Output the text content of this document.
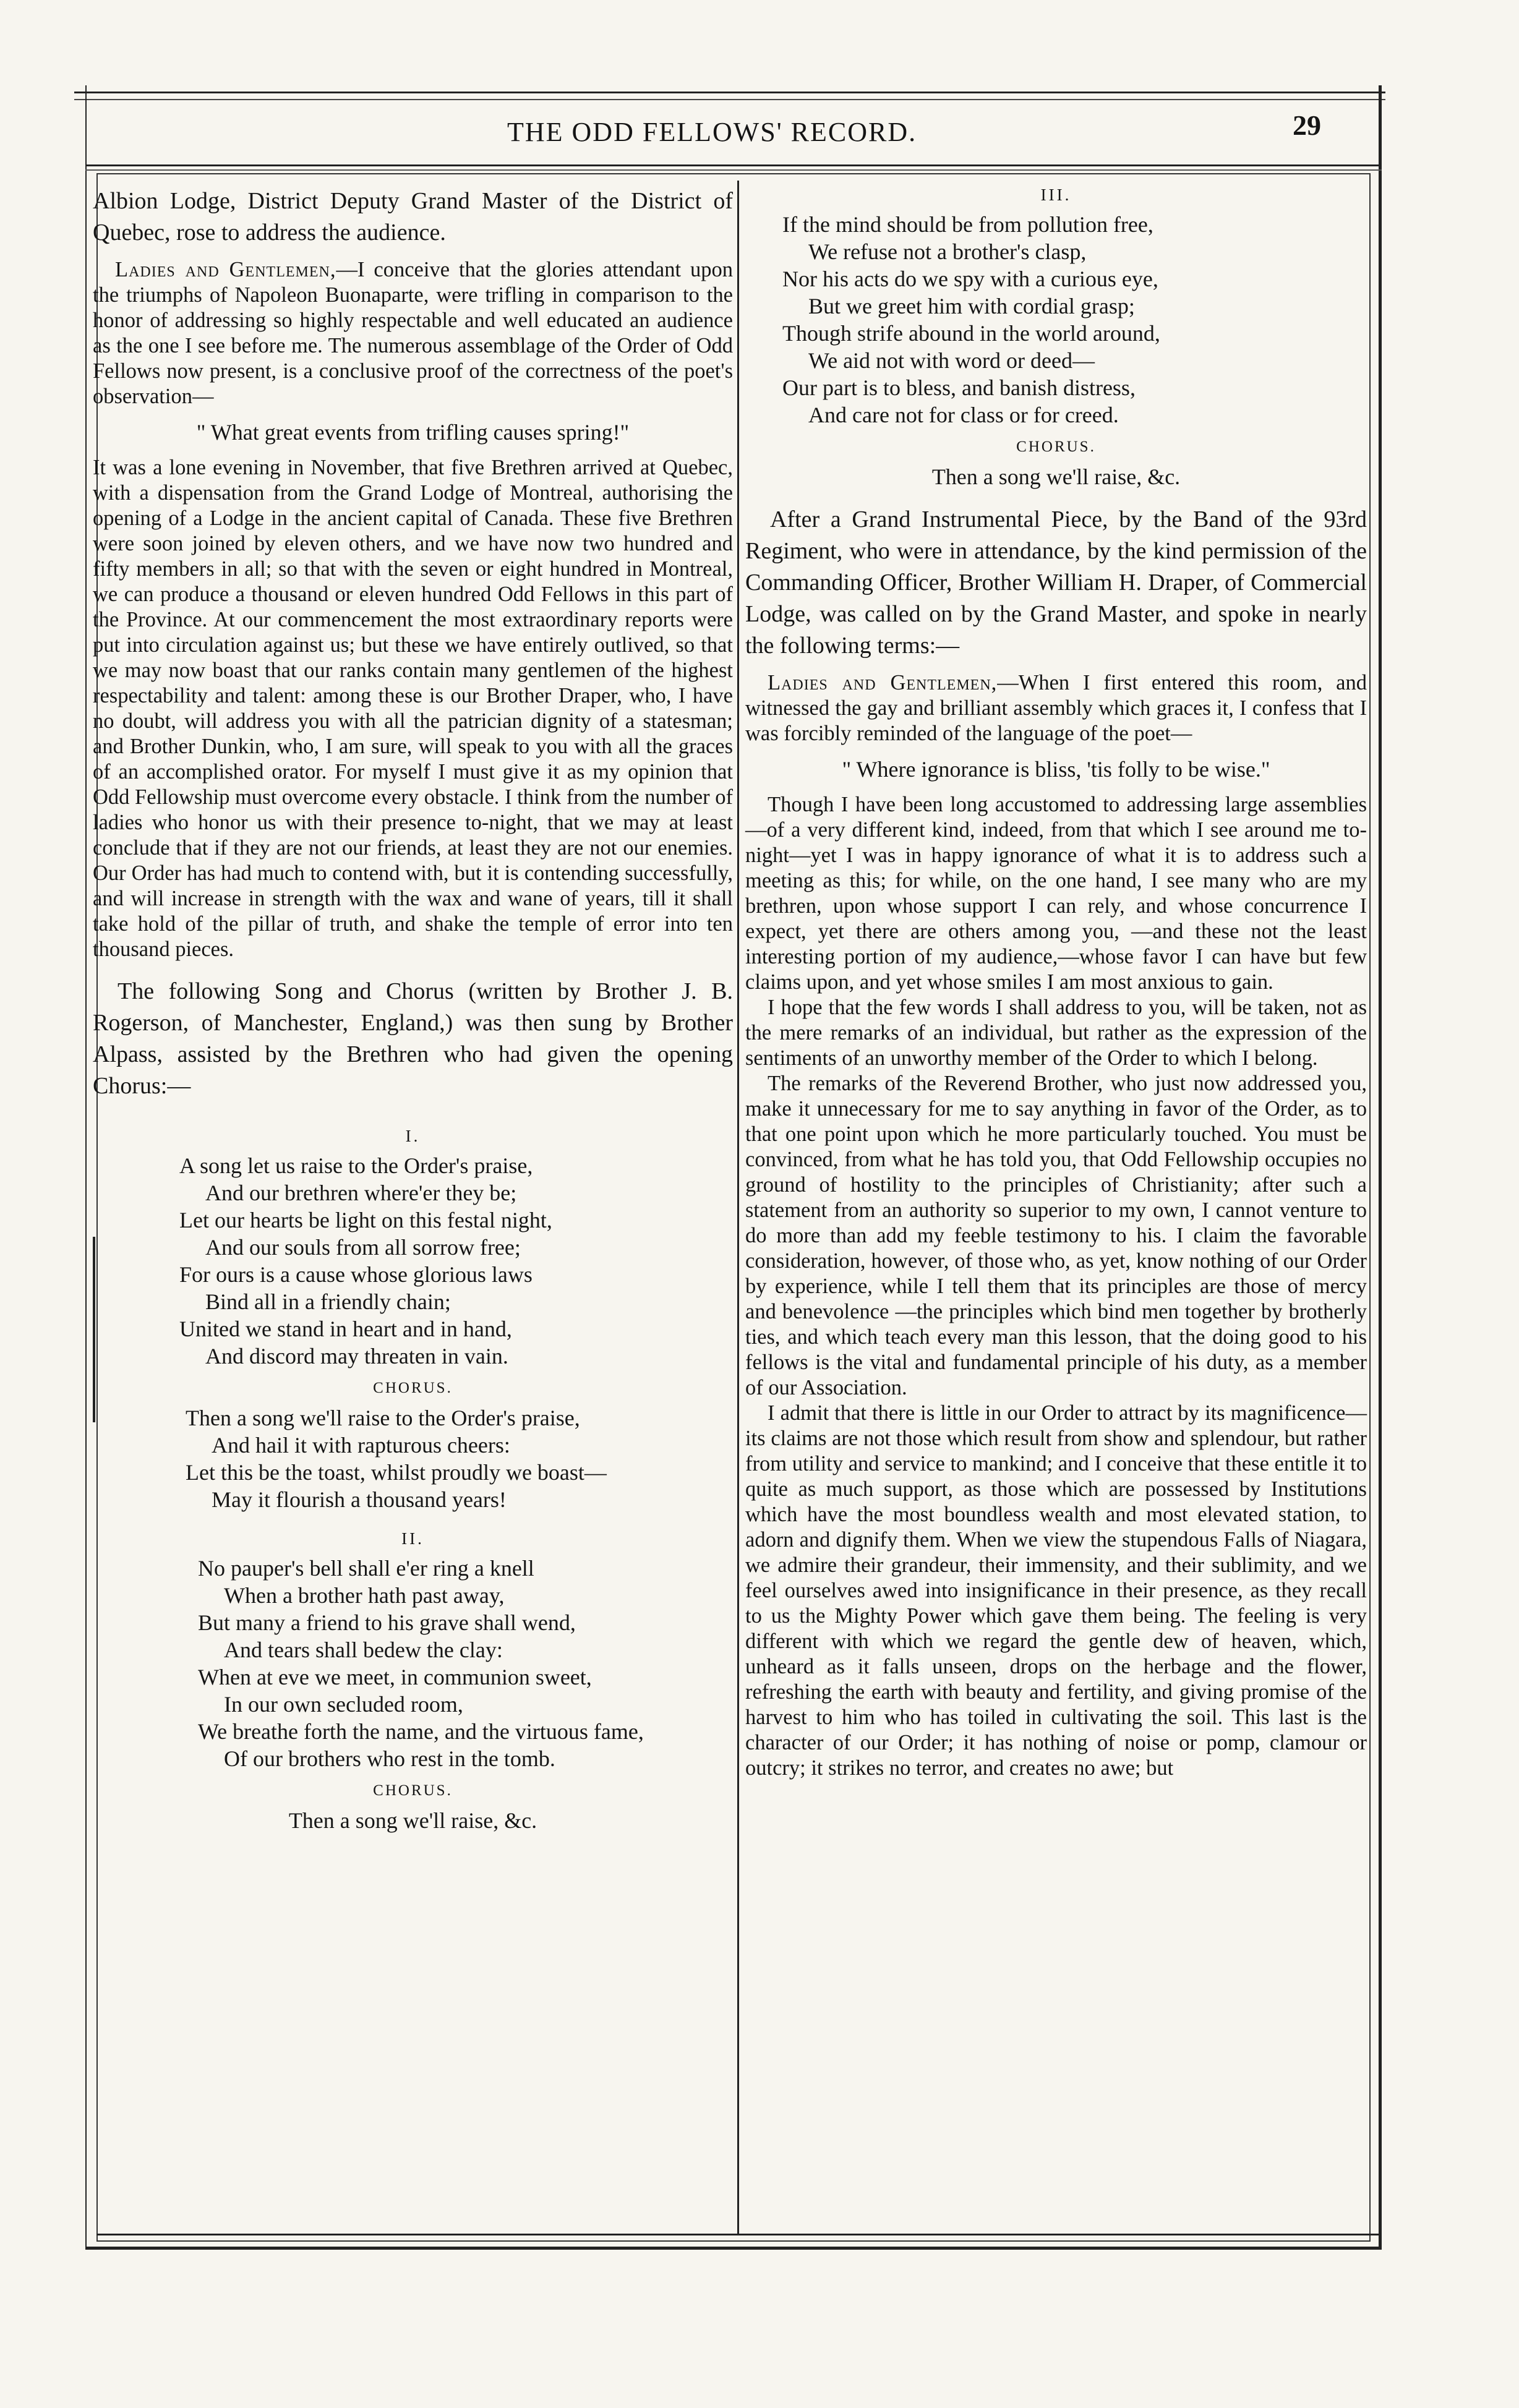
THE ODD FELLOWS' RECORD.	29

Albion Lodge, District Deputy Grand Master of the District of Quebec, rose to address the audience.

Ladies and Gentlemen,—I conceive that the glories attendant upon the triumphs of Napoleon Buonaparte, were trifling in comparison to the honor of addressing so highly respectable and well educated an audience as the one I see before me. The numerous assemblage of the Order of Odd Fellows now present, is a conclusive proof of the correctness of the poet's observation—

" What great events from trifling causes spring!"

It was a lone evening in November, that five Brethren arrived at Quebec, with a dispensation from the Grand Lodge of Montreal, authorising the opening of a Lodge in the ancient capital of Canada. These five Brethren were soon joined by eleven others, and we have now two hundred and fifty members in all; so that with the seven or eight hundred in Montreal, we can produce a thousand or eleven hundred Odd Fellows in this part of the Province. At our commencement the most extraordinary reports were put into circulation against us; but these we have entirely outlived, so that we may now boast that our ranks contain many gentlemen of the highest respectability and talent: among these is our Brother Draper, who, I have no doubt, will address you with all the patrician dignity of a statesman; and Brother Dunkin, who, I am sure, will speak to you with all the graces of an accomplished orator. For myself I must give it as my opinion that Odd Fellowship must overcome every obstacle. I think from the number of ladies who honor us with their presence to-night, that we may at least conclude that if they are not our friends, at least they are not our enemies. Our Order has had much to contend with, but it is contending successfully, and will increase in strength with the wax and wane of years, till it shall take hold of the pillar of truth, and shake the temple of error into ten thousand pieces.

The following Song and Chorus (written by Brother J. B. Rogerson, of Manchester, England,) was then sung by Brother Alpass, assisted by the Brethren who had given the opening Chorus:—

I.
A song let us raise to the Order's praise,
And our brethren where'er they be;
Let our hearts be light on this festal night,
And our souls from all sorrow free;
For ours is a cause whose glorious laws
Bind all in a friendly chain;
United we stand in heart and in hand,
And discord may threaten in vain.
CHORUS.
Then a song we'll raise to the Order's praise,
And hail it with rapturous cheers:
Let this be the toast, whilst proudly we boast—
May it flourish a thousand years!
II.
No pauper's bell shall e'er ring a knell
When a brother hath past away,
But many a friend to his grave shall wend,
And tears shall bedew the clay:
When at eve we meet, in communion sweet,
In our own secluded room,
We breathe forth the name, and the virtuous fame,
Of our brothers who rest in the tomb.
CHORUS.
Then a song we'll raise, &c.
III.
If the mind should be from pollution free,
We refuse not a brother's clasp,
Nor his acts do we spy with a curious eye,
But we greet him with cordial grasp;
Though strife abound in the world around,
We aid not with word or deed—
Our part is to bless, and banish distress,
And care not for class or for creed.
CHORUS.
Then a song we'll raise, &c.

After a Grand Instrumental Piece, by the Band of the 93rd Regiment, who were in attendance, by the kind permission of the Commanding Officer, Brother William H. Draper, of Commercial Lodge, was called on by the Grand Master, and spoke in nearly the following terms:—

Ladies and Gentlemen,—When I first entered this room, and witnessed the gay and brilliant assembly which graces it, I confess that I was forcibly reminded of the language of the poet—

" Where ignorance is bliss, 'tis folly to be wise."

Though I have been long accustomed to addressing large assemblies—of a very different kind, indeed, from that which I see around me to-night—yet I was in happy ignorance of what it is to address such a meeting as this; for while, on the one hand, I see many who are my brethren, upon whose support I can rely, and whose concurrence I expect, yet there are others among you, —and these not the least interesting portion of my audience,—whose favor I can have but few claims upon, and yet whose smiles I am most anxious to gain.

I hope that the few words I shall address to you, will be taken, not as the mere remarks of an individual, but rather as the expression of the sentiments of an unworthy member of the Order to which I belong.

The remarks of the Reverend Brother, who just now addressed you, make it unnecessary for me to say anything in favor of the Order, as to that one point upon which he more particularly touched. You must be convinced, from what he has told you, that Odd Fellowship occupies no ground of hostility to the principles of Christianity; after such a statement from an authority so superior to my own, I cannot venture to do more than add my feeble testimony to his. I claim the favorable consideration, however, of those who, as yet, know nothing of our Order by experience, while I tell them that its principles are those of mercy and benevolence —the principles which bind men together by brotherly ties, and which teach every man this lesson, that the doing good to his fellows is the vital and fundamental principle of his duty, as a member of our Association.

I admit that there is little in our Order to attract by its magnificence—its claims are not those which result from show and splendour, but rather from utility and service to mankind; and I conceive that these entitle it to quite as much support, as those which are possessed by Institutions which have the most boundless wealth and most elevated station, to adorn and dignify them. When we view the stupendous Falls of Niagara, we admire their grandeur, their immensity, and their sublimity, and we feel ourselves awed into insignificance in their presence, as they recall to us the Mighty Power which gave them being. The feeling is very different with which we regard the gentle dew of heaven, which, unheard as it falls unseen, drops on the herbage and the flower, refreshing the earth with beauty and fertility, and giving promise of the harvest to him who has toiled in cultivating the soil. This last is the character of our Order; it has nothing of noise or pomp, clamour or outcry; it strikes no terror, and creates no awe; but
